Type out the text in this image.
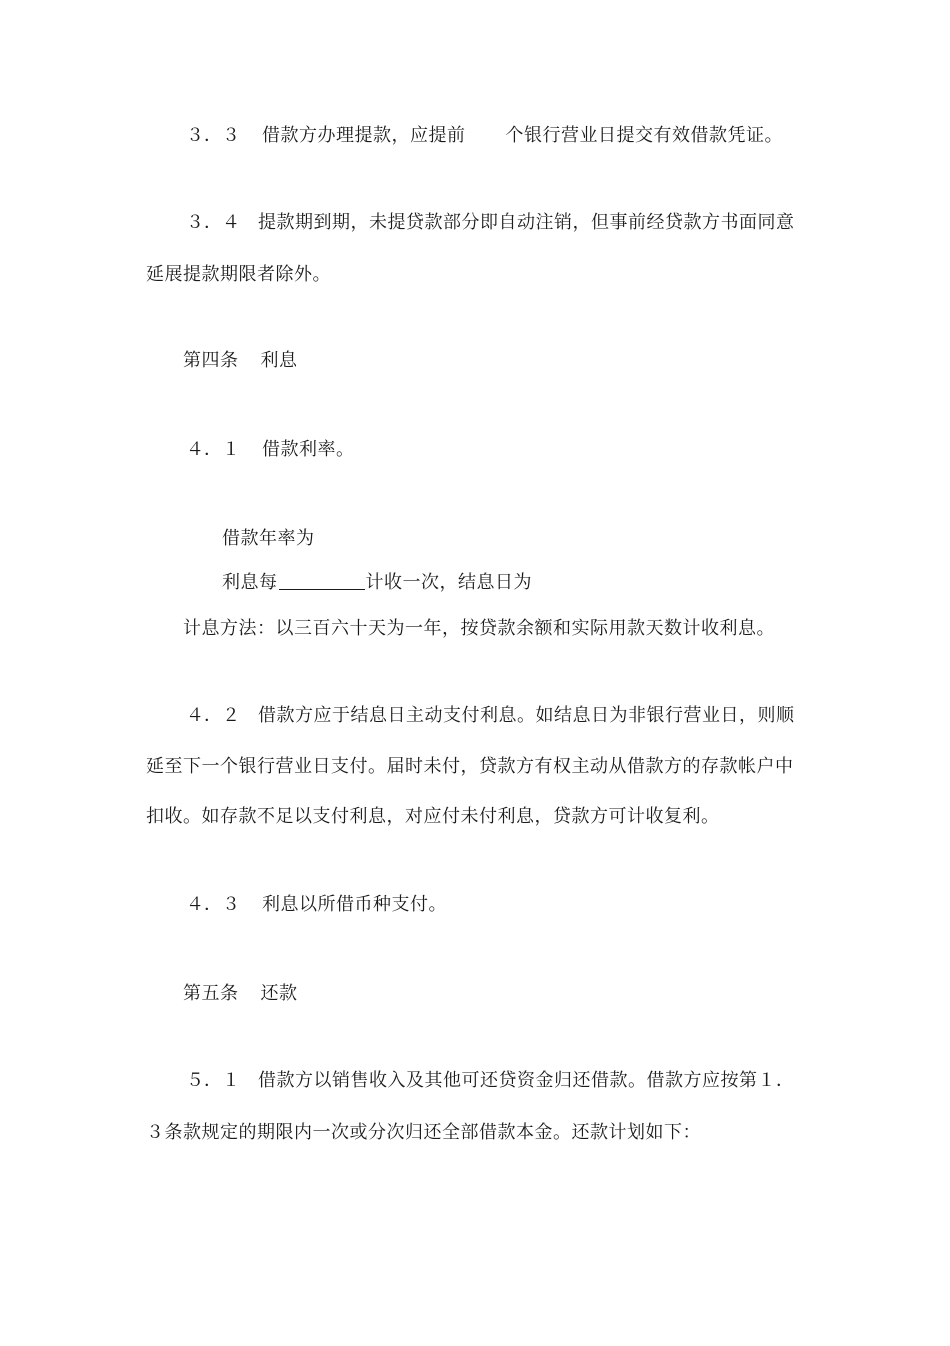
３．３ 借款方办理提款，应提前 个银行营业日提交有效借款凭证。
３．４ 提款期到期，未提贷款部分即自动注销，但事前经贷款方书面同意
延展提款期限者除外。
第四条 利息
４．１ 借款利率。
借款年率为
利息每	计收一次，结息日为
计息方法：以三百六十天为一年，按贷款余额和实际用款天数计收利息。
４．２ 借款方应于结息日主动支付利息。如结息日为非银行营业日，则顺
延至下一个银行营业日支付。届时未付，贷款方有权主动从借款方的存款帐户中
扣收。如存款不足以支付利息，对应付未付利息，贷款方可计收复利。
４．３ 利息以所借币种支付。
第五条 还款
５．１ 借款方以销售收入及其他可还贷资金归还借款。借款方应按第１．
３条款规定的期限内一次或分次归还全部借款本金。还款计划如下：
